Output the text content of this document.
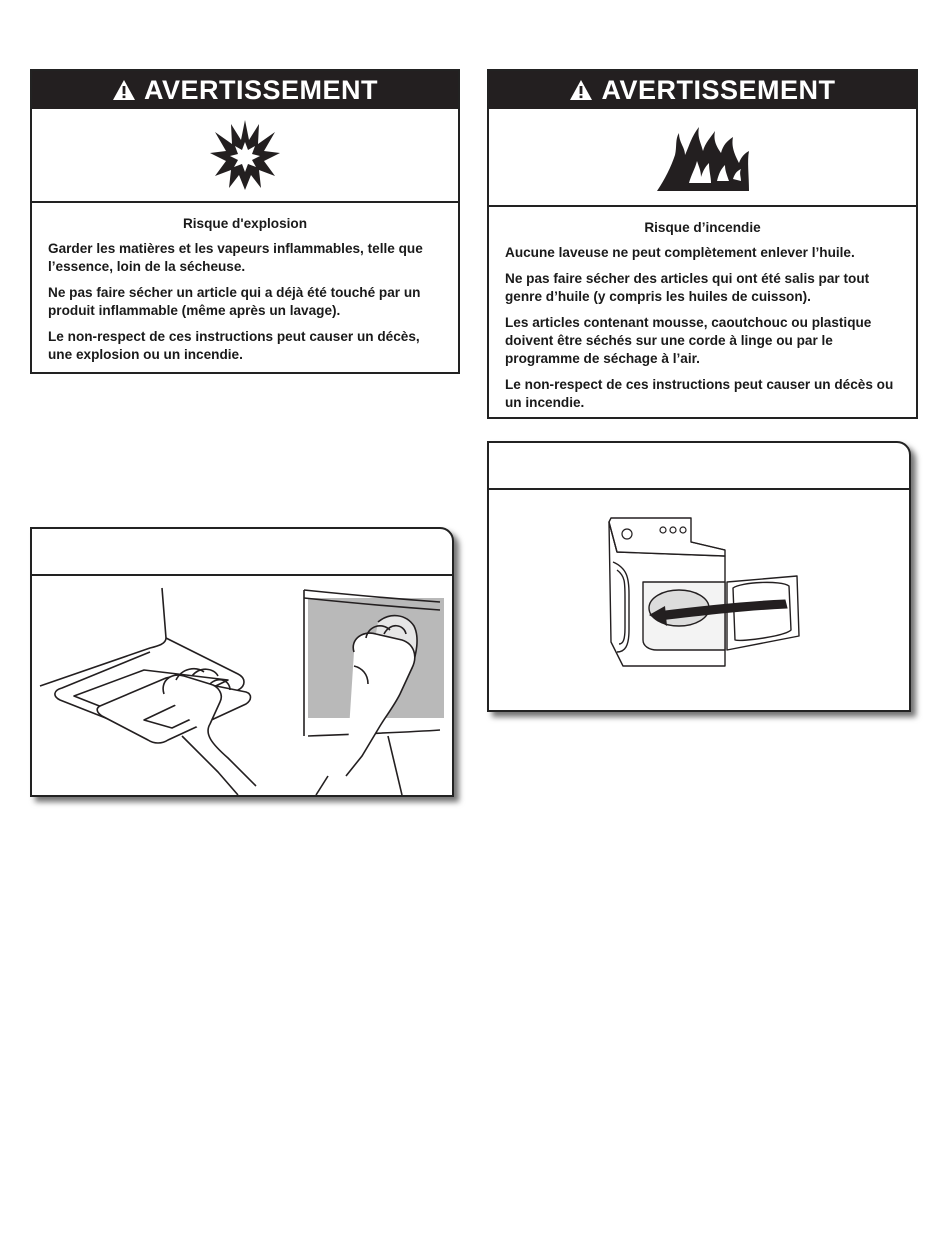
AVERTISSEMENT
Risque d'explosion

Garder les matières et les vapeurs inflammables, telle que l’essence, loin de la sécheuse.

Ne pas faire sécher un article qui a déjà été touché par un produit inflammable (même après un lavage).

Le non-respect de ces instructions peut causer un décès, une explosion ou un incendie.

AVERTISSEMENT
Risque d’incendie

Aucune laveuse ne peut complètement enlever l’huile.

Ne pas faire sécher des articles qui ont été salis par tout genre d’huile (y compris les huiles de cuisson).

Les articles contenant mousse, caoutchouc ou plastique doivent être séchés sur une corde à linge ou par le programme de séchage à l’air.

Le non-respect de ces instructions peut causer un décès ou un incendie.
